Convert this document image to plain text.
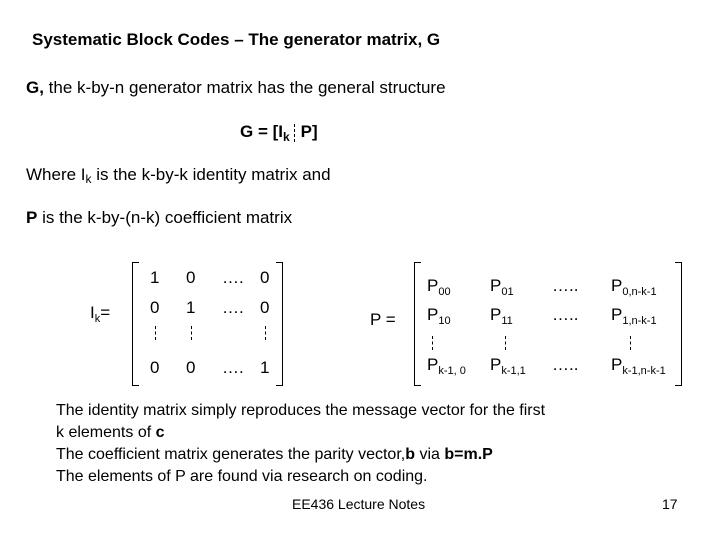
Systematic Block Codes – The generator matrix, G
G, the k-by-n generator matrix has the general structure
$G = [I_k$ P]
Where Ik is the k-by-k identity matrix and
P is the k-by-(n-k) coefficient matrix
$I_k=$
1 0 …. 0
0 1 …. 0
0 0 …. 1
P =
$P_{00}$ $P_{01}$ ….. $P_{0,n-k-1}$
$P_{10}$ $P_{11}$ ….. $P_{1,n-k-1}$
$P_{k-1, 0}$ $P_{k-1,1}$ ….. $P_{k-1,n-k-1}$
The identity matrix simply reproduces the message vector for the first
k elements of c
The coefficient matrix generates the parity vector,b via b=m.P
The elements of P are found via research on coding.
EE436 Lecture Notes	17
